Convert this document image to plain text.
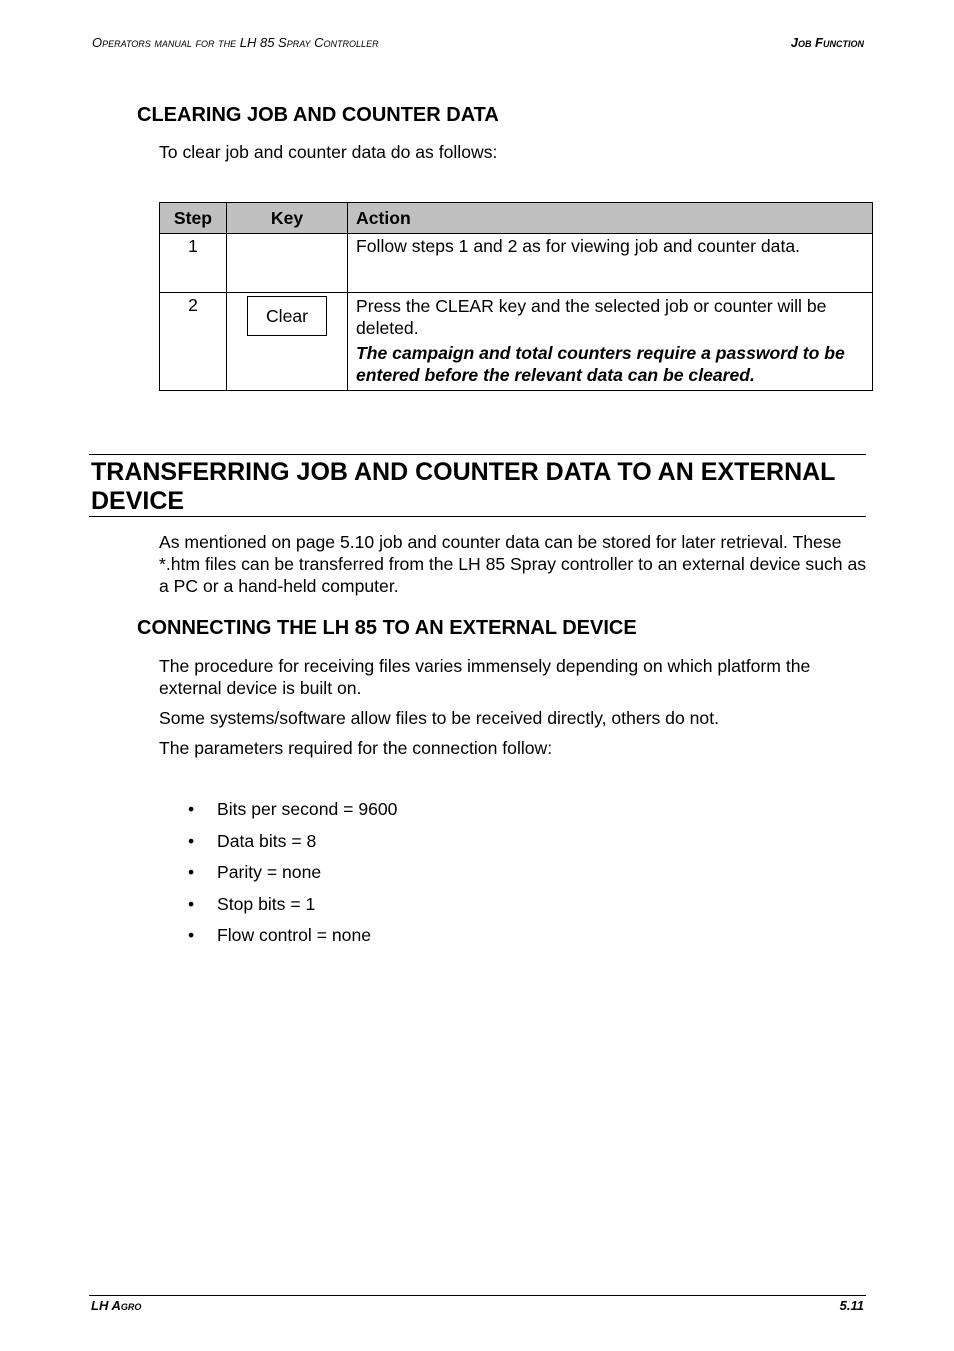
Operators manual for the LH 85 Spray Controller	Job Function
CLEARING JOB AND COUNTER DATA

To clear job and counter data do as follows:

Step	Key	Action
1		Follow steps 1 and 2 as for viewing job and counter data.
2	Clear	Press the CLEAR key and the selected job or counter will be deleted.
The campaign and total counters require a password to be entered before the relevant data can be cleared.
TRANSFERRING JOB AND COUNTER DATA TO AN EXTERNAL DEVICE

As mentioned on page 5.10 job and counter data can be stored for later retrieval. These *.htm files can be transferred from the LH 85 Spray controller to an external device such as a PC or a hand-held computer.

CONNECTING THE LH 85 TO AN EXTERNAL DEVICE

The procedure for receiving files varies immensely depending on which platform the external device is built on.

Some systems/software allow files to be received directly, others do not.

The parameters required for the connection follow:

• Bits per second = 9600
• Data bits = 8
• Parity = none
• Stop bits = 1
• Flow control = none
LH Agro	5.11
